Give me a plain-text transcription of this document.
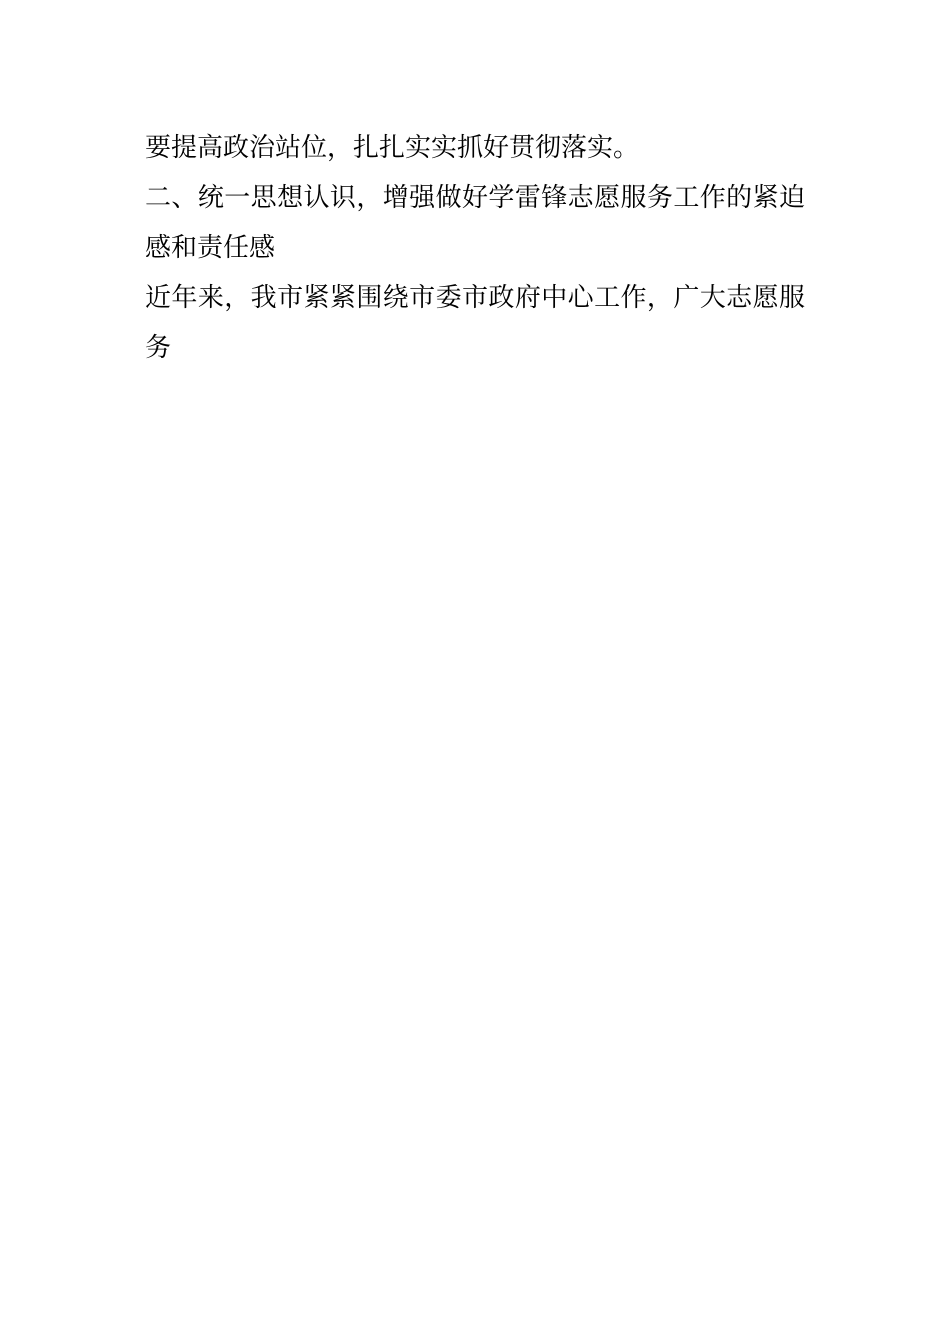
要提高政治站位，扎扎实实抓好贯彻落实。
二、统一思想认识，增强做好学雷锋志愿服务工作的紧迫
感和责任感
近年来，我市紧紧围绕市委市政府中心工作，广大志愿服
务
